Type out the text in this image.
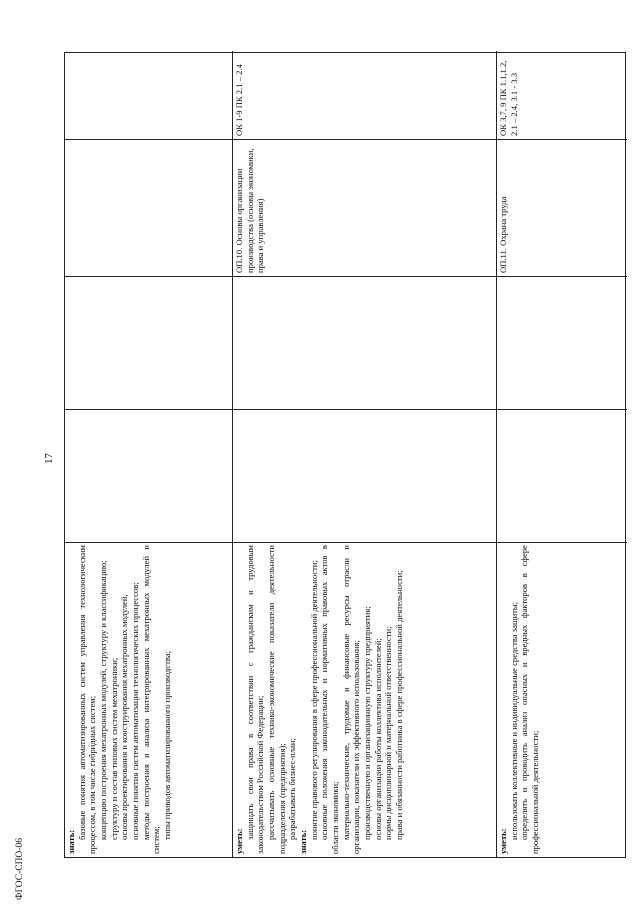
17
знать:

базовые понятия автоматизированных систем управления технологическим процессом, в том числе гибридных систем; концепцию построения мехатронных модулей, структуру и классификацию; структуру и состав типовых систем мехатроники; основы проектирования и конструирования мехатронных модулей, основные понятия систем автоматизации технологических процессов; методы построения и анализа интегрированных мехатронных модулей и систем;

типы приводов автоматизированного производства;

уметь:

защищать свои права в соответствии с гражданским и трудовым законодательством Российской Федерации; рассчитывать основные технико-экономические показатели деятельности подразделения (предприятия); разрабатывать бизнес-план;

знать:

понятие правового регулирования в сфере профессиональной деятельности; основные положения законодательных и нормативных правовых актов в области экономики; материально-технические, трудовые и финансовые ресурсы отрасли и организации, показатели их эффективного использования; производственную и организационную структуру предприятия; основы организации работы коллектива исполнителей; нормы дисциплинарной и материальной ответственности; права и обязанности работника в сфере профессиональной деятельности;

ОП.10. Основы организации производства (основы экономики, права и управления)
ОК 1-9 ПК 2.1 – 2.4
уметь:

использовать коллективные и индивидуальные средства защиты; определять и проводить анализ опасных и вредных факторов в сфере профессиональной деятельности;

ОП.11. Охрана труда
ОК 3,7, 9 ПК 1.1,1.2, 2.1 – 2.4, 3.1 - 3.3
ФГОС-СПО-06
